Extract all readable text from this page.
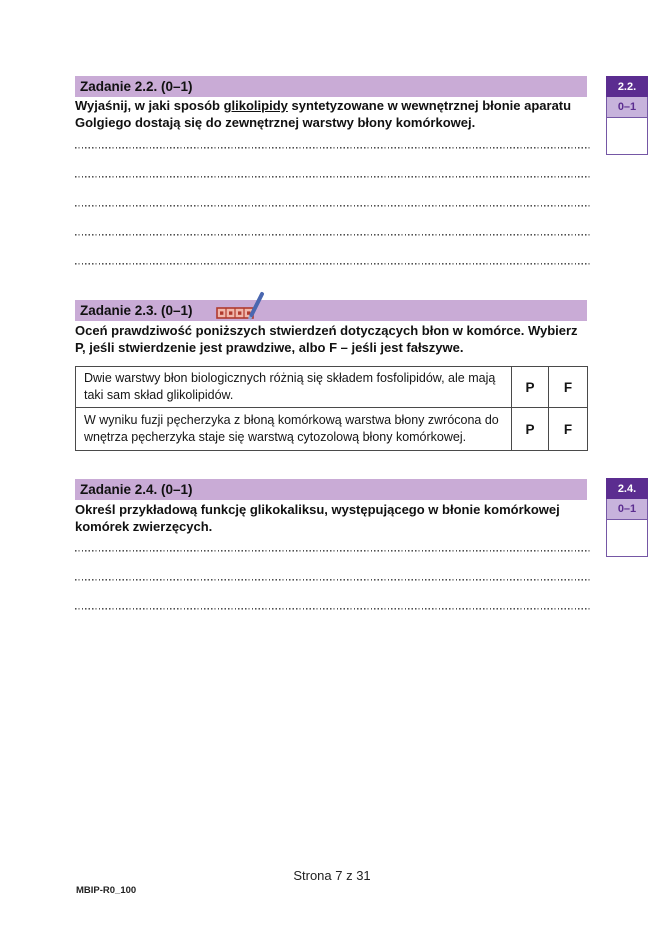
Zadanie 2.2. (0–1)
Wyjaśnij, w jaki sposób glikolipidy syntetyzowane w wewnętrznej błonie aparatu Golgiego dostają się do zewnętrznej warstwy błony komórkowej.
2.2.
0–1
Zadanie 2.3. (0–1)
Oceń prawdziwość poniższych stwierdzeń dotyczących błon w komórce. Wybierz P, jeśli stwierdzenie jest prawdziwe, albo F – jeśli jest fałszywe.
Dwie warstwy błon biologicznych różnią się składem fosfolipidów, ale mają taki sam skład glikolipidów.
P	F
W wyniku fuzji pęcherzyka z błoną komórkową warstwa błony zwrócona do wnętrza pęcherzyka staje się warstwą cytozolową błony komórkowej.
P	F
Zadanie 2.4. (0–1)
Określ przykładową funkcję glikokaliksu, występującego w błonie komórkowej komórek zwierzęcych.
2.4.
0–1
Strona 7 z 31
MBIP-R0_100
